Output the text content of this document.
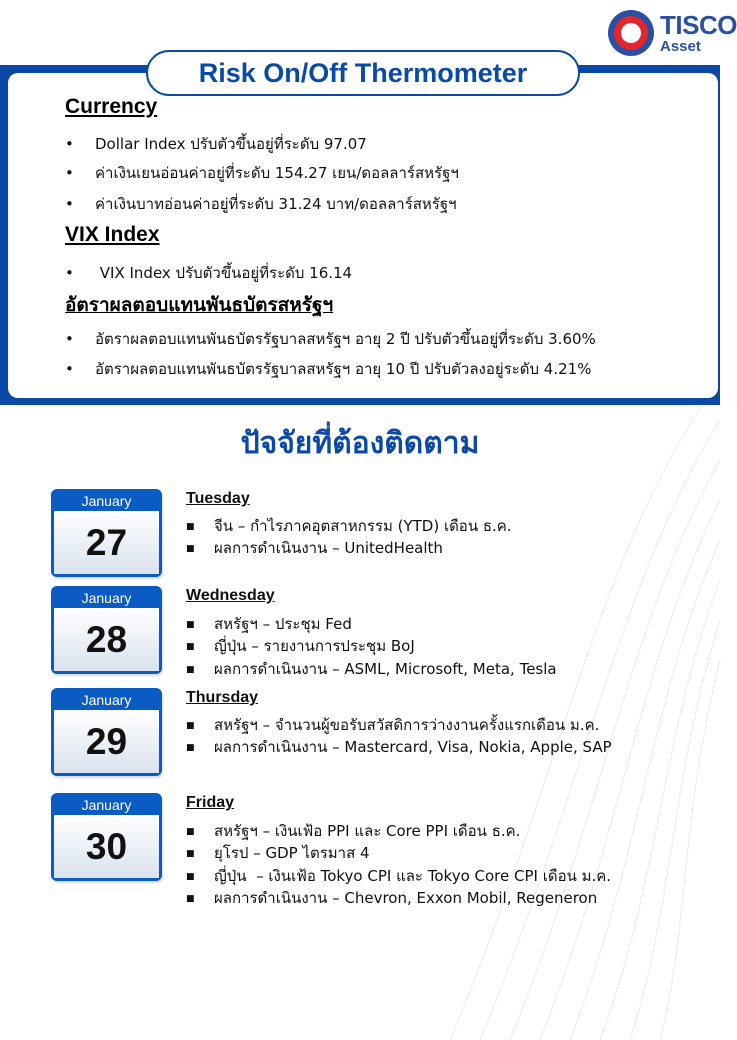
TISCO
Asset
Risk On/Off Thermometer
Currency
• Dollar Index ปรับตัวขึ้นอยู่ที่ระดับ 97.07
• ค่าเงินเยนอ่อนค่าอยู่ที่ระดับ 154.27 เยน/ดอลลาร์สหรัฐฯ
• ค่าเงินบาทอ่อนค่าอยู่ที่ระดับ 31.24 บาท/ดอลลาร์สหรัฐฯ
VIX Index
• VIX Index ปรับตัวขึ้นอยู่ที่ระดับ 16.14
อัตราผลตอบแทนพันธบัตรสหรัฐฯ
• อัตราผลตอบแทนพันธบัตรรัฐบาลสหรัฐฯ อายุ 2 ปี ปรับตัวขึ้นอยู่ที่ระดับ 3.60%
• อัตราผลตอบแทนพันธบัตรรัฐบาลสหรัฐฯ อายุ 10 ปี ปรับตัวลงอยู่ระดับ 4.21%
ปัจจัยที่ต้องติดตาม
January
27
Tuesday
■ จีน – กำไรภาคอุตสาหกรรม (YTD) เดือน ธ.ค.
■ ผลการดำเนินงาน – UnitedHealth
January
28
Wednesday
■ สหรัฐฯ – ประชุม Fed
■ ญี่ปุ่น – รายงานการประชุม BoJ
■ ผลการดำเนินงาน – ASML, Microsoft, Meta, Tesla
January
29
Thursday
■ สหรัฐฯ – จำนวนผู้ขอรับสวัสดิการว่างงานครั้งแรกเดือน ม.ค.
■ ผลการดำเนินงาน – Mastercard, Visa, Nokia, Apple, SAP
January
30
Friday
■ สหรัฐฯ – เงินเฟ้อ PPI และ Core PPI เดือน ธ.ค.
■ ยุโรป – GDP ไตรมาส 4
■ ญี่ปุ่น  – เงินเฟ้อ Tokyo CPI และ Tokyo Core CPI เดือน ม.ค.
■ ผลการดำเนินงาน – Chevron, Exxon Mobil, Regeneron
